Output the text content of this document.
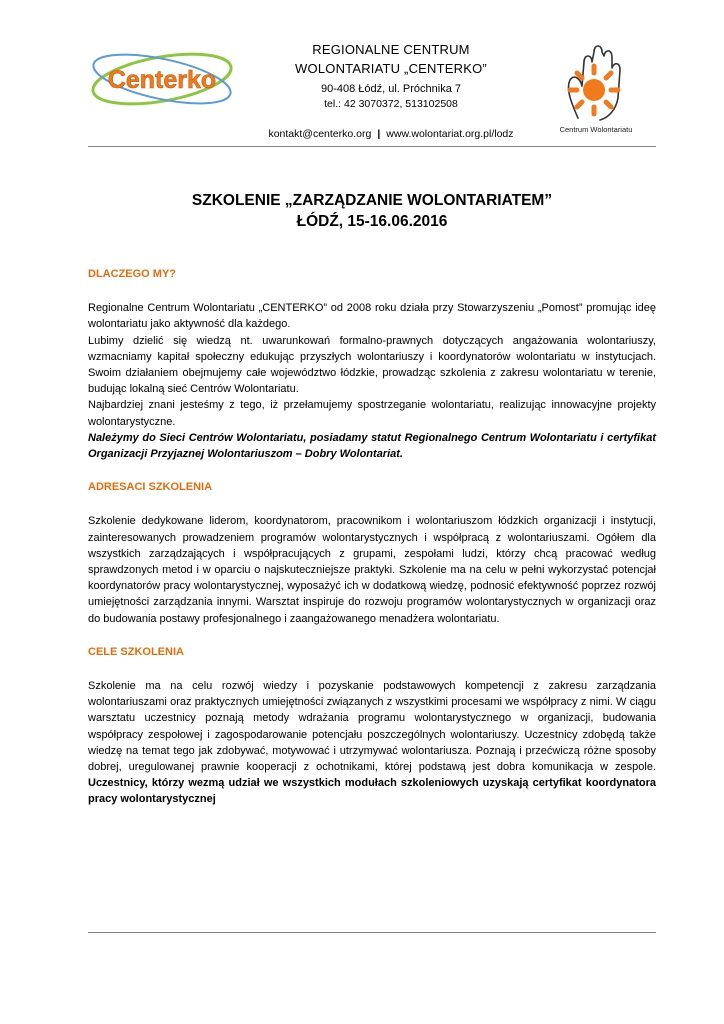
Centerko
REGIONALNE CENTRUM
WOLONTARIATU „CENTERKO”
90-408 Łódź, ul. Próchnika 7
tel.: 42 3070372, 513102508
kontakt@centerko.org | www.wolontariat.org.pl/lodz	Centrum Wolontariatu
SZKOLENIE „ZARZĄDZANIE WOLONTARIATEM”
ŁÓDŹ, 15-16.06.2016

DLACZEGO MY?

Regionalne Centrum Wolontariatu „CENTERKO” od 2008 roku działa przy Stowarzyszeniu „Pomost” promując ideę wolontariatu jako aktywność dla każdego.

Lubimy dzielić się wiedzą nt. uwarunkowań formalno-prawnych dotyczących angażowania wolontariuszy, wzmacniamy kapitał społeczny edukując przyszłych wolontariuszy i koordynatorów wolontariatu w instytucjach. Swoim działaniem obejmujemy całe województwo łódzkie, prowadząc szkolenia z zakresu wolontariatu w terenie, budując lokalną sieć Centrów Wolontariatu.

Najbardziej znani jesteśmy z tego, iż przełamujemy spostrzeganie wolontariatu, realizując innowacyjne projekty wolontarystyczne.

Należymy do Sieci Centrów Wolontariatu, posiadamy statut Regionalnego Centrum Wolontariatu i certyfikat Organizacji Przyjaznej Wolontariuszom – Dobry Wolontariat.

ADRESACI SZKOLENIA

Szkolenie dedykowane liderom, koordynatorom, pracownikom i wolontariuszom łódzkich organizacji i instytucji, zainteresowanych prowadzeniem programów wolontarystycznych i współpracą z wolontariuszami. Ogółem dla wszystkich zarządzających i współpracujących z grupami, zespołami ludzi, którzy chcą pracować według sprawdzonych metod i w oparciu o najskuteczniejsze praktyki. Szkolenie ma na celu w pełni wykorzystać potencjał koordynatorów pracy wolontarystycznej, wyposażyć ich w dodatkową wiedzę, podnosić efektywność poprzez rozwój umiejętności zarządzania innymi. Warsztat inspiruje do rozwoju programów wolontarystycznych w organizacji oraz do budowania postawy profesjonalnego i zaangażowanego menadżera wolontariatu.

CELE SZKOLENIA

Szkolenie ma na celu rozwój wiedzy i pozyskanie podstawowych kompetencji z zakresu zarządzania wolontariuszami oraz praktycznych umiejętności związanych z wszystkimi procesami we współpracy z nimi. W ciągu warsztatu uczestnicy poznają metody wdrażania programu wolontarystycznego w organizacji, budowania współpracy zespołowej i zagospodarowanie potencjału poszczególnych wolontariuszy. Uczestnicy zdobędą także wiedzę na temat tego jak zdobywać, motywować i utrzymywać wolontariusza. Poznają i przećwiczą różne sposoby dobrej, uregulowanej prawnie kooperacji z ochotnikami, której podstawą jest dobra komunikacja w zespole. Uczestnicy, którzy wezmą udział we wszystkich modułach szkoleniowych uzyskają certyfikat koordynatora pracy wolontarystycznej
